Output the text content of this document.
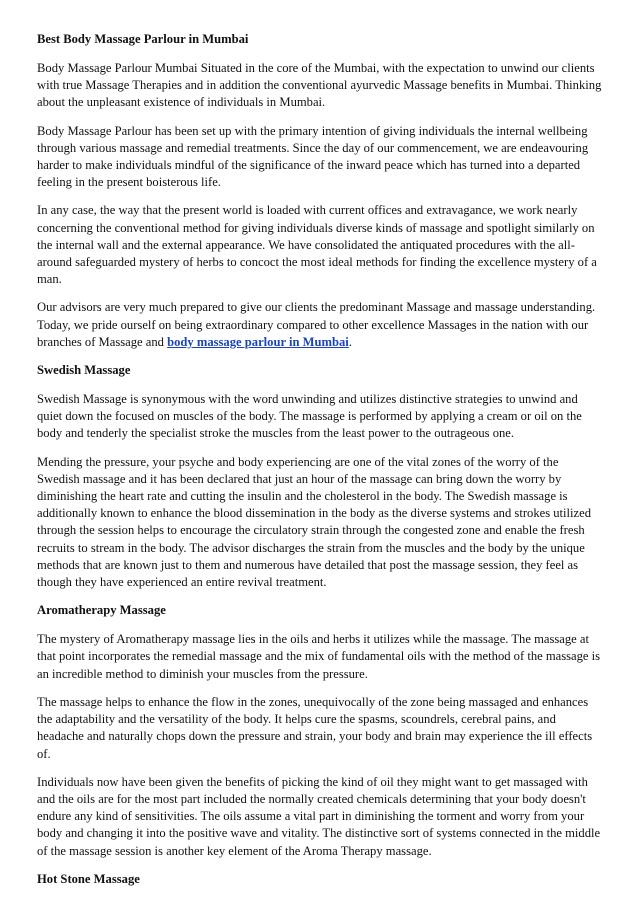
Best Body Massage Parlour in Mumbai

Body Massage Parlour Mumbai Situated in the core of the Mumbai, with the expectation to unwind our clients with true Massage Therapies and in addition the conventional ayurvedic Massage benefits in Mumbai. Thinking about the unpleasant existence of individuals in Mumbai.

Body Massage Parlour has been set up with the primary intention of giving individuals the internal wellbeing through various massage and remedial treatments. Since the day of our commencement, we are endeavouring harder to make individuals mindful of the significance of the inward peace which has turned into a departed feeling in the present boisterous life.

In any case, the way that the present world is loaded with current offices and extravagance, we work nearly concerning the conventional method for giving individuals diverse kinds of massage and spotlight similarly on the internal wall and the external appearance. We have consolidated the antiquated procedures with the all-around safeguarded mystery of herbs to concoct the most ideal methods for finding the excellence mystery of a man.

Our advisors are very much prepared to give our clients the predominant Massage and massage understanding. Today, we pride ourself on being extraordinary compared to other excellence Massages in the nation with our branches of Massage and body massage parlour in Mumbai.

Swedish Massage

Swedish Massage is synonymous with the word unwinding and utilizes distinctive strategies to unwind and quiet down the focused on muscles of the body. The massage is performed by applying a cream or oil on the body and tenderly the specialist stroke the muscles from the least power to the outrageous one.

Mending the pressure, your psyche and body experiencing are one of the vital zones of the worry of the Swedish massage and it has been declared that just an hour of the massage can bring down the worry by diminishing the heart rate and cutting the insulin and the cholesterol in the body. The Swedish massage is additionally known to enhance the blood dissemination in the body as the diverse systems and strokes utilized through the session helps to encourage the circulatory strain through the congested zone and enable the fresh recruits to stream in the body. The advisor discharges the strain from the muscles and the body by the unique methods that are known just to them and numerous have detailed that post the massage session, they feel as though they have experienced an entire revival treatment.

Aromatherapy Massage

The mystery of Aromatherapy massage lies in the oils and herbs it utilizes while the massage. The massage at that point incorporates the remedial massage and the mix of fundamental oils with the method of the massage is an incredible method to diminish your muscles from the pressure.

The massage helps to enhance the flow in the zones, unequivocally of the zone being massaged and enhances the adaptability and the versatility of the body. It helps cure the spasms, scoundrels, cerebral pains, and headache and naturally chops down the pressure and strain, your body and brain may experience the ill effects of.

Individuals now have been given the benefits of picking the kind of oil they might want to get massaged with and the oils are for the most part included the normally created chemicals determining that your body doesn't endure any kind of sensitivities. The oils assume a vital part in diminishing the torment and worry from your body and changing it into the positive wave and vitality. The distinctive sort of systems connected in the middle of the massage session is another key element of the Aroma Therapy massage.

Hot Stone Massage
